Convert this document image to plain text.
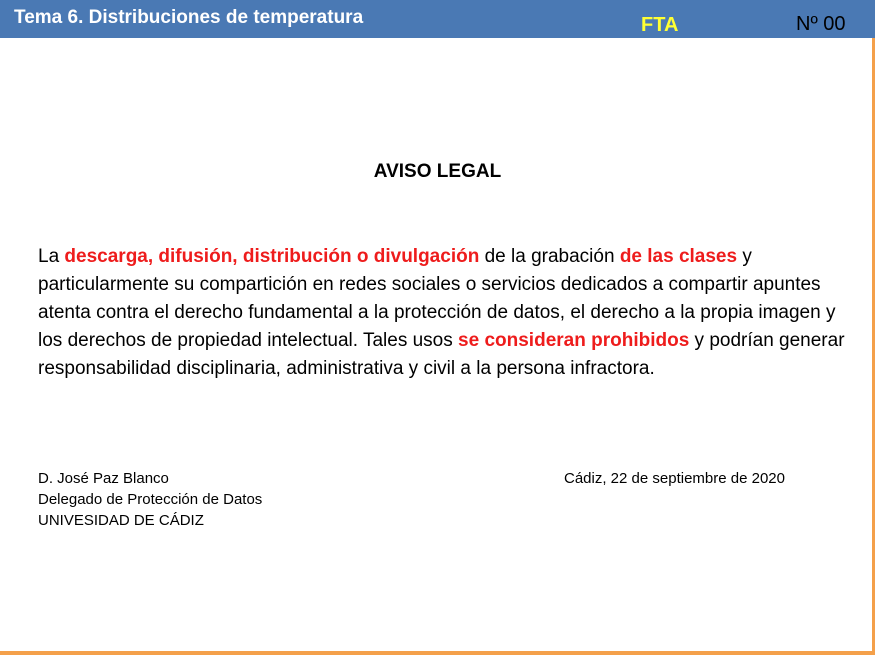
Tema 6. Distribuciones de temperatura	FTA	Nº 00
AVISO LEGAL
La descarga, difusión, distribución o divulgación de la grabación de las clases y particularmente su compartición en redes sociales o servicios dedicados a compartir apuntes atenta contra el derecho fundamental a la protección de datos, el derecho a la propia imagen y los derechos de propiedad intelectual. Tales usos se consideran prohibidos y podrían generar responsabilidad disciplinaria, administrativa y civil a la persona infractora.
D. José Paz Blanco
Delegado de Protección de Datos
UNIVESIDAD DE CÁDIZ
Cádiz, 22 de septiembre de 2020
